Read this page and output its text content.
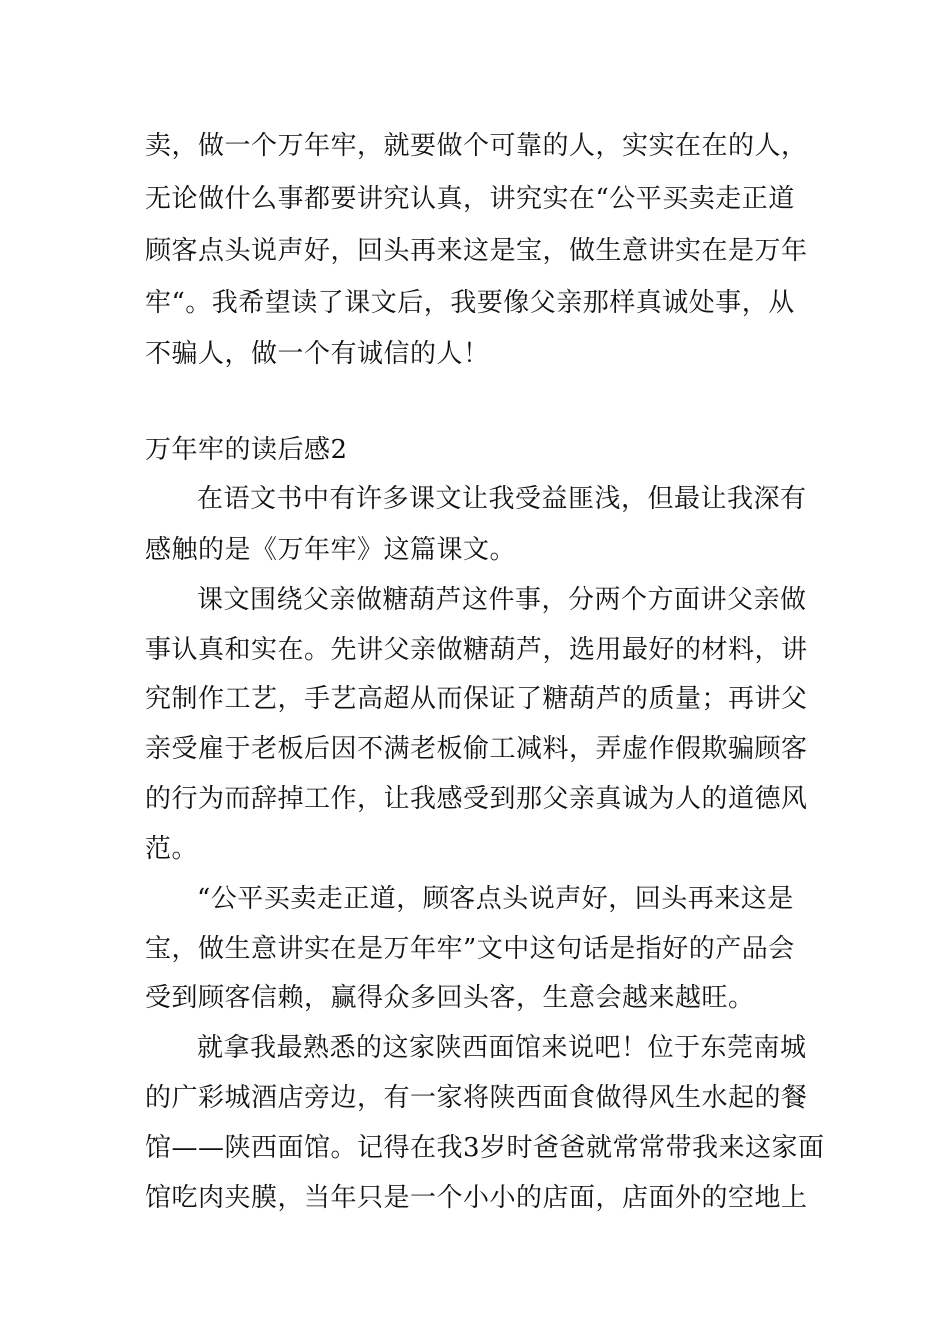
卖，做一个万年牢，就要做个可靠的人，实实在在的人，
无论做什么事都要讲究认真，讲究实在“公平买卖走正道
顾客点头说声好，回头再来这是宝，做生意讲实在是万年
牢“。我希望读了课文后，我要像父亲那样真诚处事，从
不骗人，做一个有诚信的人！
万年牢的读后感2
在语文书中有许多课文让我受益匪浅，但最让我深有
感触的是《万年牢》这篇课文。
课文围绕父亲做糖葫芦这件事，分两个方面讲父亲做
事认真和实在。先讲父亲做糖葫芦，选用最好的材料，讲
究制作工艺，手艺高超从而保证了糖葫芦的质量；再讲父
亲受雇于老板后因不满老板偷工减料，弄虚作假欺骗顾客
的行为而辞掉工作，让我感受到那父亲真诚为人的道德风
范。
“公平买卖走正道，顾客点头说声好，回头再来这是
宝，做生意讲实在是万年牢”文中这句话是指好的产品会
受到顾客信赖，赢得众多回头客，生意会越来越旺。
就拿我最熟悉的这家陕西面馆来说吧！位于东莞南城
的广彩城酒店旁边，有一家将陕西面食做得风生水起的餐
馆——陕西面馆。记得在我3岁时爸爸就常常带我来这家面
馆吃肉夹膜，当年只是一个小小的店面，店面外的空地上
